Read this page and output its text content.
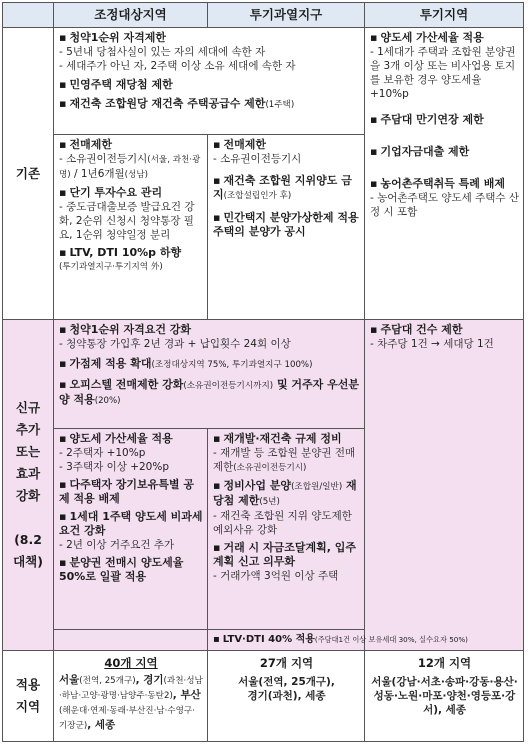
조정대상지역	투기과열지구	투기지역
기존
신규
추가
또는
효과
강화

(8.2
대책)
적용
지역
▪ 청약1순위 자격제한
- 5년내 당첨사실이 있는 자의 세대에 속한 자
- 세대주가 아닌 자, 2주택 이상 소유 세대에 속한 자
▪ 민영주택 재당첨 제한
▪ 재건축 조합원당 재건축 주택공급수 제한(1주택)
▪ 전매제한
- 소유권이전등기시(서울, 과천·광명) / 1년6개월(성남)
▪ 단기 투자수요 관리
- 중도금대출보증 발급요건 강화, 2순위 신청시 청약통장 필요, 1순위 청약일정 분리
▪ LTV, DTI 10%p 하향
(투기과열지구·투기지역 外)
▪ 전매제한
- 소유권이전등기시
▪ 재건축 조합원 지위양도 금지(조합설립인가 후)
▪ 민간택지 분양가상한제 적용 주택의 분양가 공시
▪ 양도세 가산세율 적용
- 1세대가 주택과 조합원 분양권을 3개 이상 또는 비사업용 토지를 보유한 경우 양도세율 +10%p
▪ 주담대 만기연장 제한
▪ 기업자금대출 제한
▪ 농어촌주택취득 특례 배제
- 농어촌주택도 양도세 주택수 산정 시 포함
▪ 청약1순위 자격요건 강화
- 청약통장 가입후 2년 경과 + 납입횟수 24회 이상
▪ 가점제 적용 확대(조정대상지역 75%, 투기과열지구 100%)
▪ 오피스텔 전매제한 강화(소유권이전등기시까지) 및 거주자 우선분양 적용(20%)
▪ 주담대 건수 제한
- 차주당 1건 → 세대당 1건
▪ 양도세 가산세율 적용
- 2주택자 +10%p
- 3주택자 이상 +20%p
▪ 다주택자 장기보유특별 공제 적용 배제
▪ 1세대 1주택 양도세 비과세 요건 강화
- 2년 이상 거주요건 추가
▪ 분양권 전매시 양도세율 50%로 일괄 적용
▪ 재개발·재건축 규제 정비
- 재개발 등 조합원 분양권 전매제한(소유권이전등기시)
▪ 정비사업 분양(조합원/일반) 재당첨 제한(5년)
- 재건축 조합원 지위 양도제한 예외사유 강화
▪ 거래 시 자금조달계획, 입주계획 신고 의무화
- 거래가액 3억원 이상 주택
▪ LTV·DTI 40% 적용(주담대1건 이상 보유세대 30%, 실수요자 50%)
40개 지역
서울(전역, 25개구), 경기(과천·성남·하남·고양·광명·남양주·동탄2), 부산(해운대·연제·동래·부산진·남·수영구·기장군), 세종
27개 지역
서울(전역, 25개구),
경기(과천), 세종
12개 지역
서울(강남·서초·송파·강동·용산·성동·노원·마포·양천·영등포·강서), 세종
